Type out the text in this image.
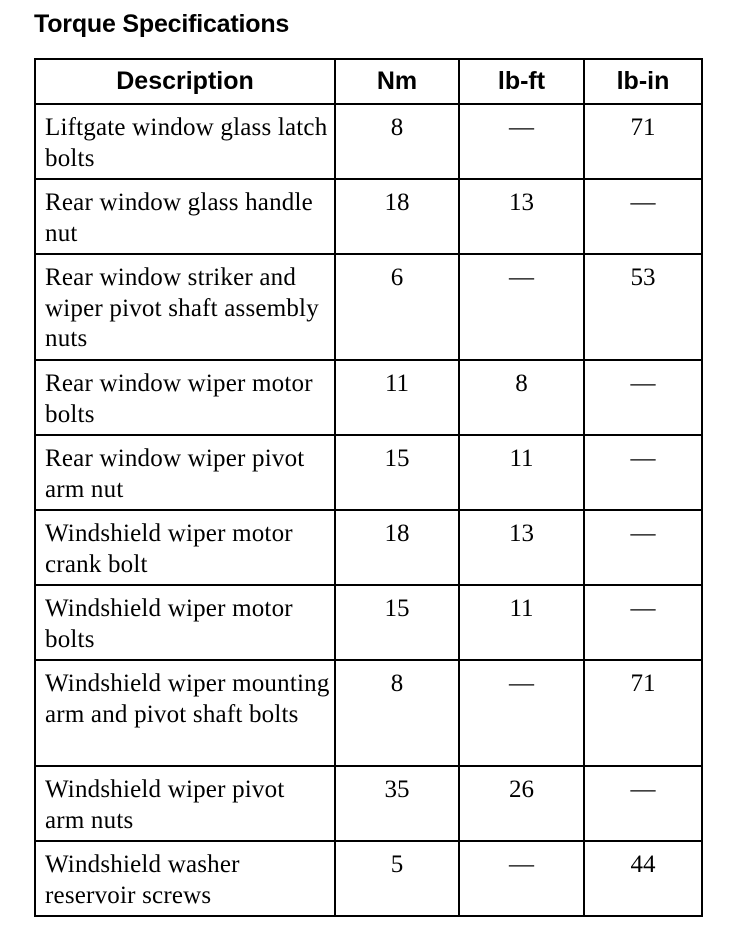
Torque Specifications
Description	Nm	lb-ft	lb-in
Liftgate window glass latch bolts	8	—	71
Rear window glass handle nut	18	13	—
Rear window striker and wiper pivot shaft assembly nuts	6	—	53
Rear window wiper motor bolts	11	8	—
Rear window wiper pivot arm nut	15	11	—
Windshield wiper motor crank bolt	18	13	—
Windshield wiper motor bolts	15	11	—
Windshield wiper mounting arm and pivot shaft bolts	8	—	71
Windshield wiper pivot arm nuts	35	26	—
Windshield washer reservoir screws	5	—	44
